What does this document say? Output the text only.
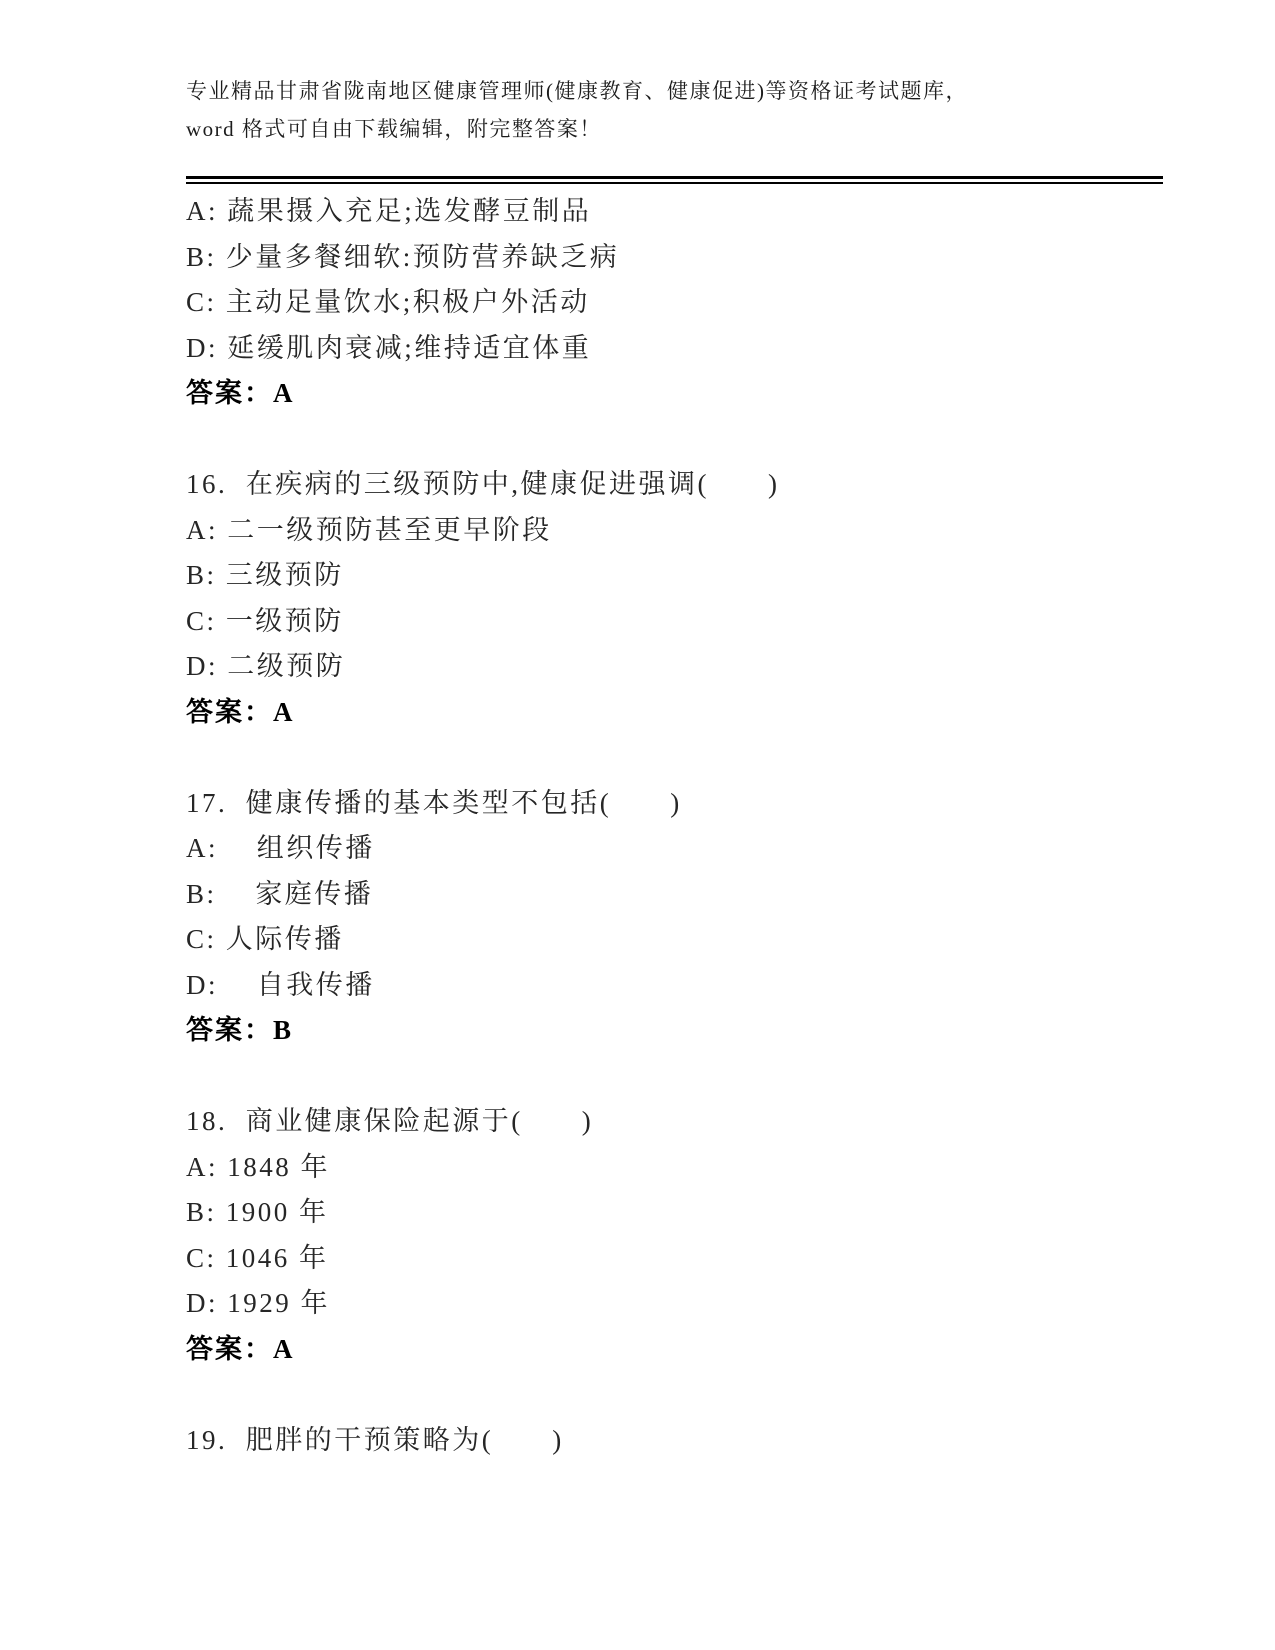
专业精品甘肃省陇南地区健康管理师(健康教育、健康促进)等资格证考试题库，

word 格式可自由下载编辑，附完整答案！

A: 蔬果摄入充足;选发酵豆制品

B: 少量多餐细软:预防营养缺乏病

C: 主动足量饮水;积极户外活动

D: 延缓肌肉衰减;维持适宜体重

答案：A

16.  在疾病的三级预防中,健康促进强调(　　)

A: 二一级预防甚至更早阶段

B: 三级预防

C: 一级预防

D: 二级预防

答案：A

17.  健康传播的基本类型不包括(　　)

A: 　组织传播

B: 　家庭传播

C: 人际传播

D: 　自我传播

答案：B

18.  商业健康保险起源于(　　)

A: 1848 年

B: 1900 年

C: 1046 年

D: 1929 年

答案：A

19.  肥胖的干预策略为(　　)
